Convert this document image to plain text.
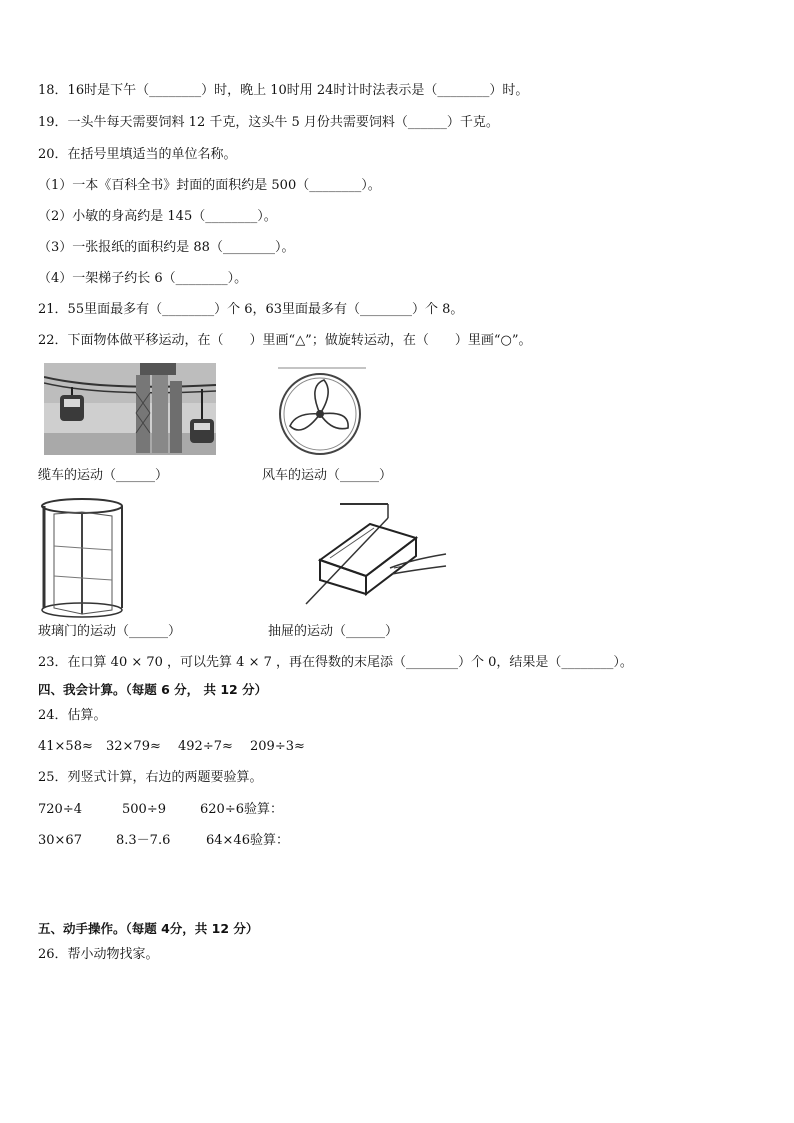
18．16时是下午（________）时，晚上 10时用 24时计时法表示是（________）时。
19．一头牛每天需要饲料 12 千克，这头牛 5 月份共需要饲料（______）千克。
20．在括号里填适当的单位名称。
（1）一本《百科全书》封面的面积约是 500（________）。
（2）小敏的身高约是 145（________）。
（3）一张报纸的面积约是 88（________）。
（4）一架梯子约长 6（________）。
21．55里面最多有（________）个 6，63里面最多有（________）个 8。
22．下面物体做平移运动，在（　　）里画“△”；做旋转运动，在（　　）里画“○”。
缆车的运动（______）	风车的运动（______）
玻璃门的运动（______）	抽屉的运动（______）
23．在口算 40 × 70 ，可以先算 4 × 7 ，再在得数的末尾添（________）个 0，结果是（________）。
四、我会计算。（每题 6 分， 共 12 分）
24．估算。
41×58≈ 32×79≈ 492÷7≈ 209÷3≈
25．列竖式计算，右边的两题要验算。
720÷4	500÷9	620÷6验算：
30×67	8.3－7.6	64×46验算：
五、动手操作。（每题 4分，共 12 分）
26．帮小动物找家。
